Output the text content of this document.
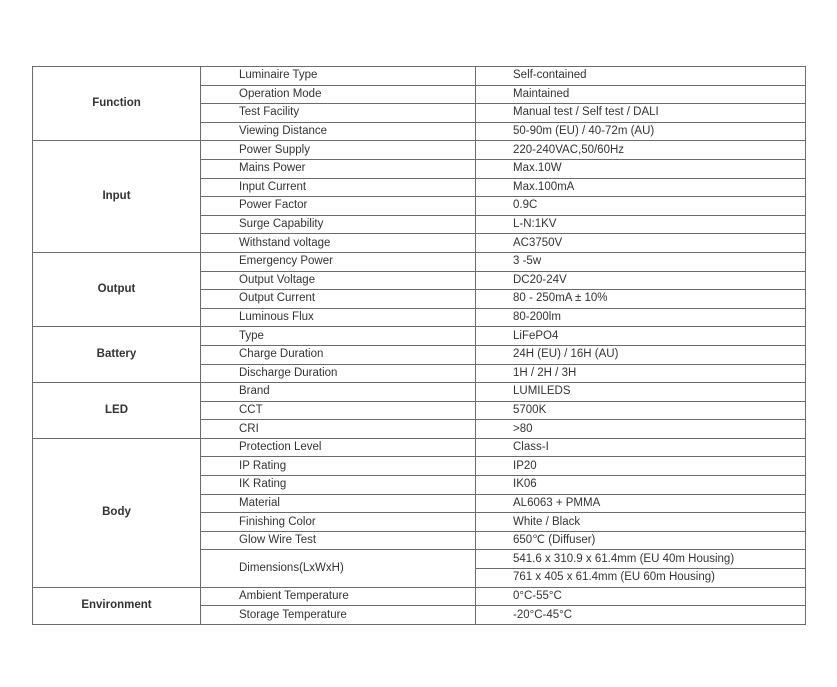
Function	Luminaire Type	Self-contained
	Operation Mode	Maintained
	Test Facility	Manual test / Self test / DALI
	Viewing Distance	50-90m (EU) / 40-72m (AU)
Input	Power Supply	220-240VAC,50/60Hz
	Mains Power	Max.10W
	Input Current	Max.100mA
	Power Factor	0.9C
	Surge Capability	L-N:1KV
	Withstand voltage	AC3750V
Output	Emergency Power	3 -5w
	Output Voltage	DC20-24V
	Output Current	80 - 250mA ± 10%
	Luminous Flux	80-200lm
Battery	Type	LiFePO4
	Charge Duration	24H (EU) / 16H (AU)
	Discharge Duration	1H / 2H / 3H
LED	Brand	LUMILEDS
	CCT	5700K
	CRI	>80
Body	Protection Level	Class-I
	IP Rating	IP20
	IK Rating	IK06
	Material	AL6063 + PMMA
	Finishing Color	White / Black
	Glow Wire Test	650℃ (Diffuser)
	Dimensions(LxWxH)	541.6 x 310.9 x 61.4mm (EU 40m Housing)
		761 x 405 x 61.4mm (EU 60m Housing)
Environment	Ambient Temperature	0°C-55°C
	Storage Temperature	-20°C-45°C
